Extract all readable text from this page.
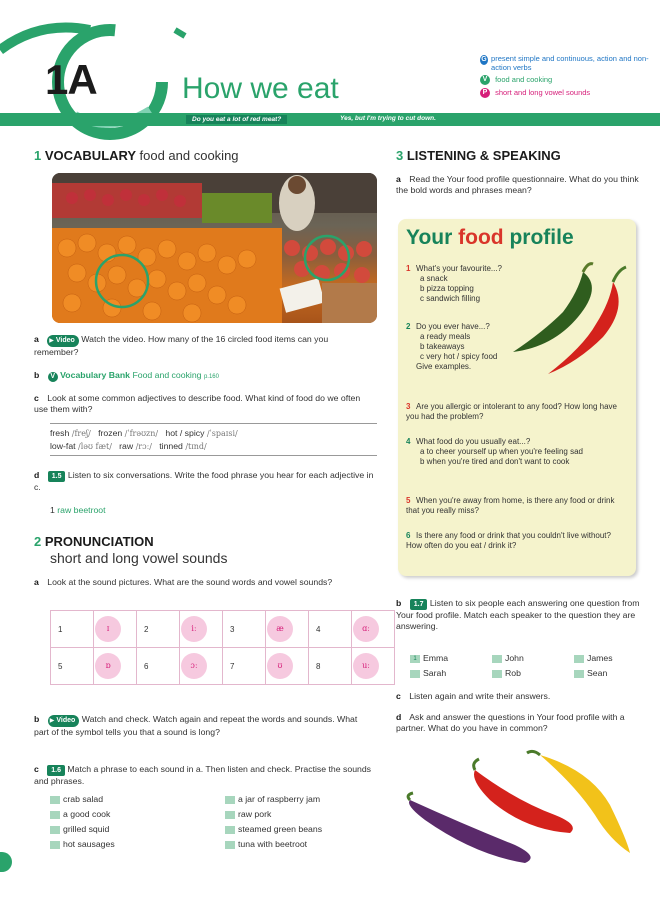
1A	How we eat
Do you eat a lot of red meat?	Yes, but I'm trying to cut down.
G present simple and continuous, action and non-action verbs
V food and cooking
P short and long vowel sounds
1 VOCABULARY food and cooking
a ▶ Video Watch the video. How many of the 16 circled food items can you remember?
b V Vocabulary Bank Food and cooking p.160
c Look at some common adjectives to describe food. What kind of food do we often use them with?
fresh /freʃ/ frozen /ˈfrəʊzn/ hot / spicy /ˈspaɪsi/
low-fat /ləʊ fæt/ raw /rɔː/ tinned /tɪnd/
d 1.5 Listen to six conversations. Write the food phrase you hear for each adjective in c.
1 raw beetroot
2 PRONUNCIATION
short and long vowel sounds
a Look at the sound pictures. What are the sound words and vowel sounds?
1	ɪ	2	iː	3	æ	4	ɑː

5	ɒ	6	ɔː	7	ʊ	8	uː
b ▶ Video Watch and check. Watch again and repeat the words and sounds. What part of the symbol tells you that a sound is long?
c 1.6 Match a phrase to each sound in a. Then listen and check. Practise the sounds and phrases.
crab salad
a good cook
grilled squid
hot sausages
a jar of raspberry jam
raw pork
steamed green beans
tuna with beetroot
3 LISTENING & SPEAKING
a Read the Your food profile questionnaire. What do you think the bold words and phrases mean?
Your food profile
1 What's your favourite...?
a snack
b pizza topping
c sandwich filling
2 Do you ever have...?
a ready meals
b takeaways
c very hot / spicy food
Give examples.
3 Are you allergic or intolerant to any food? How long have you had the problem?
4 What food do you usually eat...?
a to cheer yourself up when you're feeling sad
b when you're tired and don't want to cook
5 When you're away from home, is there any food or drink that you really miss?
6 Is there any food or drink that you couldn't live without? How often do you eat / drink it?
b 1.7 Listen to six people each answering one question from Your food profile. Match each speaker to the question they are answering.
1 Emma	John	James
Sarah	Rob	Sean
c Listen again and write their answers.
d Ask and answer the questions in Your food profile with a partner. What do you have in common?
